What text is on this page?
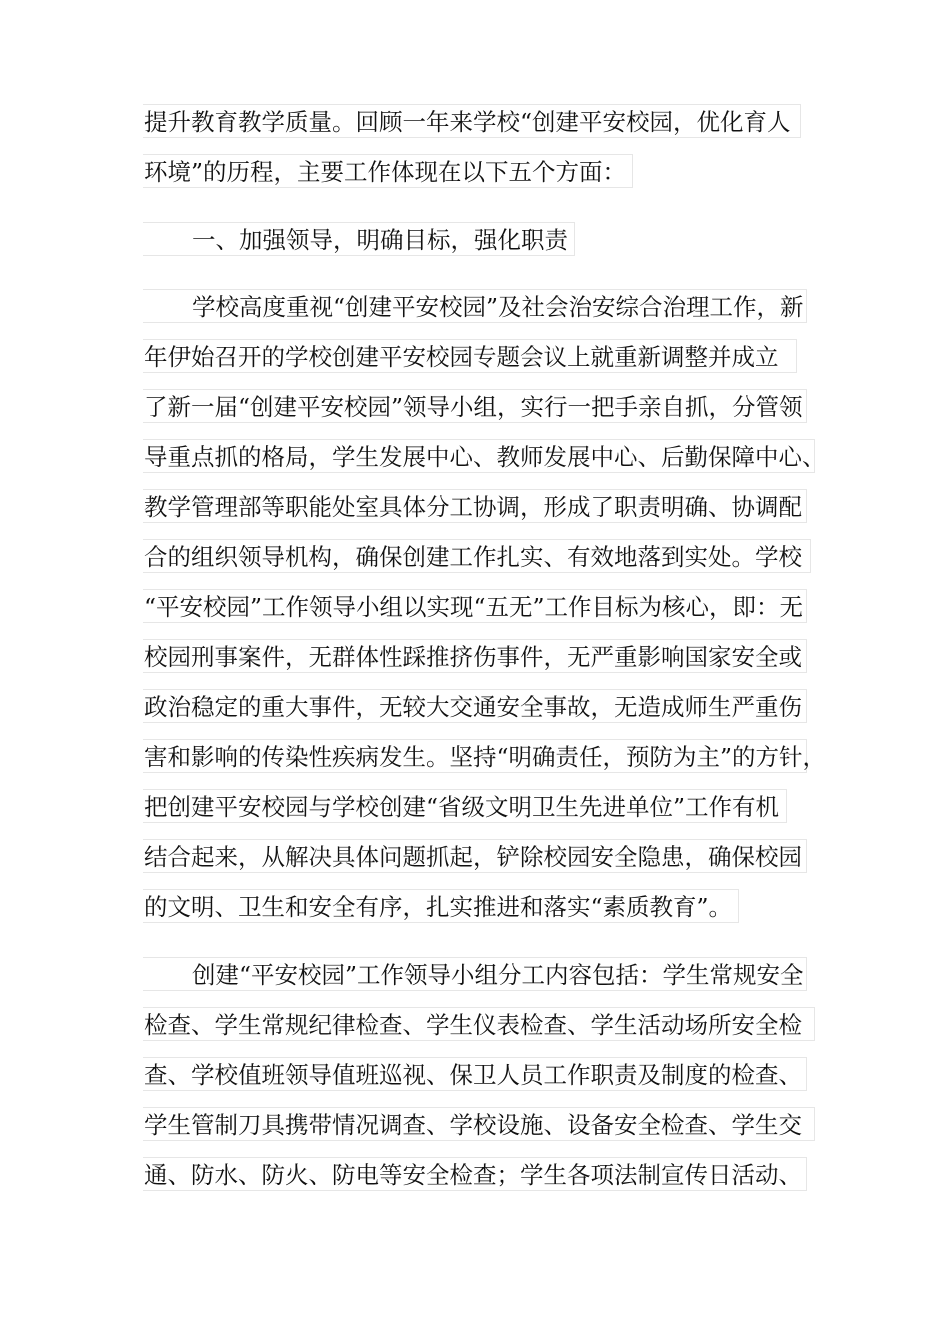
提升教育教学质量。回顾一年来学校“创建平安校园，优化育人
环境”的历程，主要工作体现在以下五个方面：
一、加强领导，明确目标，强化职责
学校高度重视“创建平安校园”及社会治安综合治理工作，新
年伊始召开的学校创建平安校园专题会议上就重新调整并成立
了新一届“创建平安校园”领导小组，实行一把手亲自抓，分管领
导重点抓的格局，学生发展中心、教师发展中心、后勤保障中心、
教学管理部等职能处室具体分工协调，形成了职责明确、协调配
合的组织领导机构，确保创建工作扎实、有效地落到实处。学校
“平安校园”工作领导小组以实现“五无”工作目标为核心，即：无
校园刑事案件，无群体性踩推挤伤事件，无严重影响国家安全或
政治稳定的重大事件，无较大交通安全事故，无造成师生严重伤
害和影响的传染性疾病发生。坚持“明确责任，预防为主”的方针，
把创建平安校园与学校创建“省级文明卫生先进单位”工作有机
结合起来，从解决具体问题抓起，铲除校园安全隐患，确保校园
的文明、卫生和安全有序，扎实推进和落实“素质教育”。
创建“平安校园”工作领导小组分工内容包括：学生常规安全
检查、学生常规纪律检查、学生仪表检查、学生活动场所安全检
查、学校值班领导值班巡视、保卫人员工作职责及制度的检查、
学生管制刀具携带情况调查、学校设施、设备安全检查、学生交
通、防水、防火、防电等安全检查；学生各项法制宣传日活动、
